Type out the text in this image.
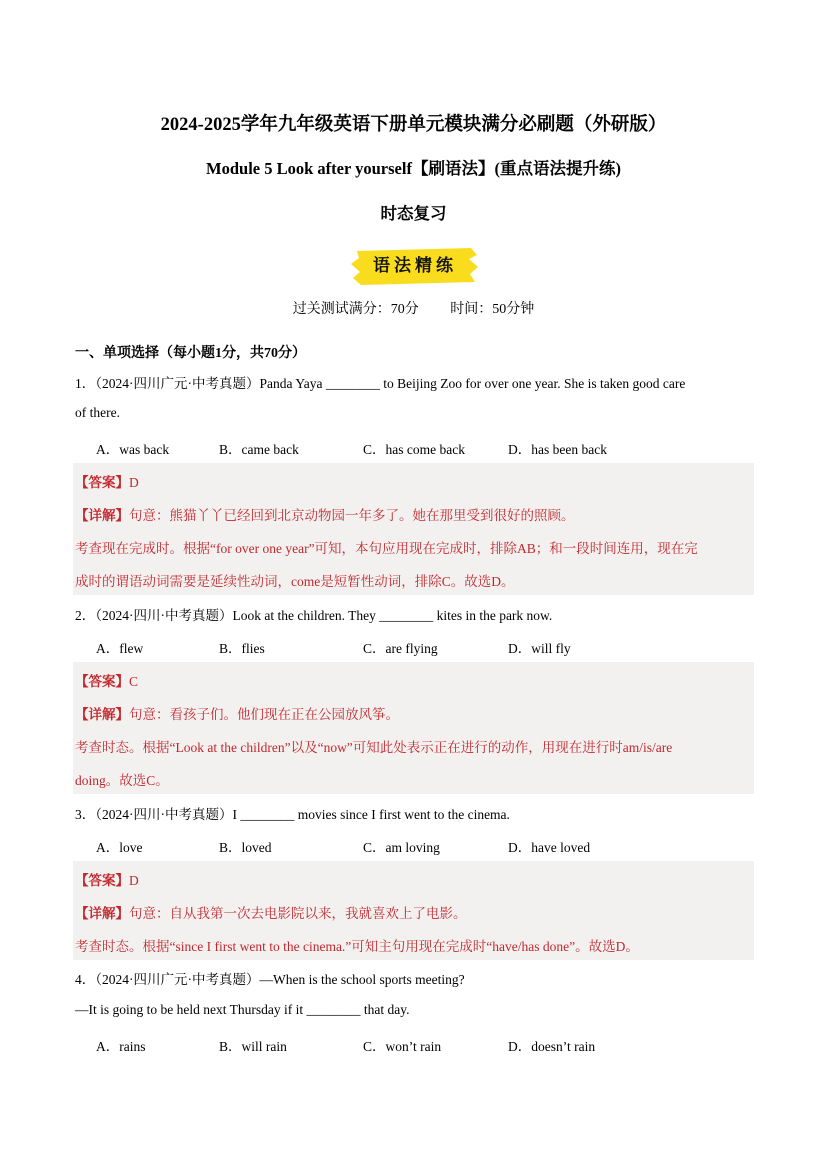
2024-2025学年九年级英语下册单元模块满分必刷题（外研版）
Module 5 Look after yourself【刷语法】(重点语法提升练)
时态复习
语法精练
过关测试满分：70分 时间：50分钟
一、单项选择（每小题1分，共70分）
1．（2024·四川广元·中考真题）Panda Yaya ________ to Beijing Zoo for over one year. She is taken good care
of there.
A．was back	B．came back	C．has come back	D．has been back
【答案】D
【详解】句意：熊猫丫丫已经回到北京动物园一年多了。她在那里受到很好的照顾。
考查现在完成时。根据“for over one year”可知，本句应用现在完成时，排除AB；和一段时间连用，现在完
成时的谓语动词需要是延续性动词，come是短暂性动词，排除C。故选D。
2．（2024·四川·中考真题）Look at the children. They ________ kites in the park now.
A．flew	B．flies	C．are flying	D．will fly
【答案】C
【详解】句意：看孩子们。他们现在正在公园放风筝。
考查时态。根据“Look at the children”以及“now”可知此处表示正在进行的动作，用现在进行时am/is/are
doing。故选C。
3．（2024·四川·中考真题）I ________ movies since I first went to the cinema.
A．love	B．loved	C．am loving	D．have loved
【答案】D
【详解】句意：自从我第一次去电影院以来，我就喜欢上了电影。
考查时态。根据“since I first went to the cinema.”可知主句用现在完成时“have/has done”。故选D。
4．（2024·四川广元·中考真题）—When is the school sports meeting?
—It is going to be held next Thursday if it ________ that day.
A．rains	B．will rain	C．won’t rain	D．doesn’t rain
